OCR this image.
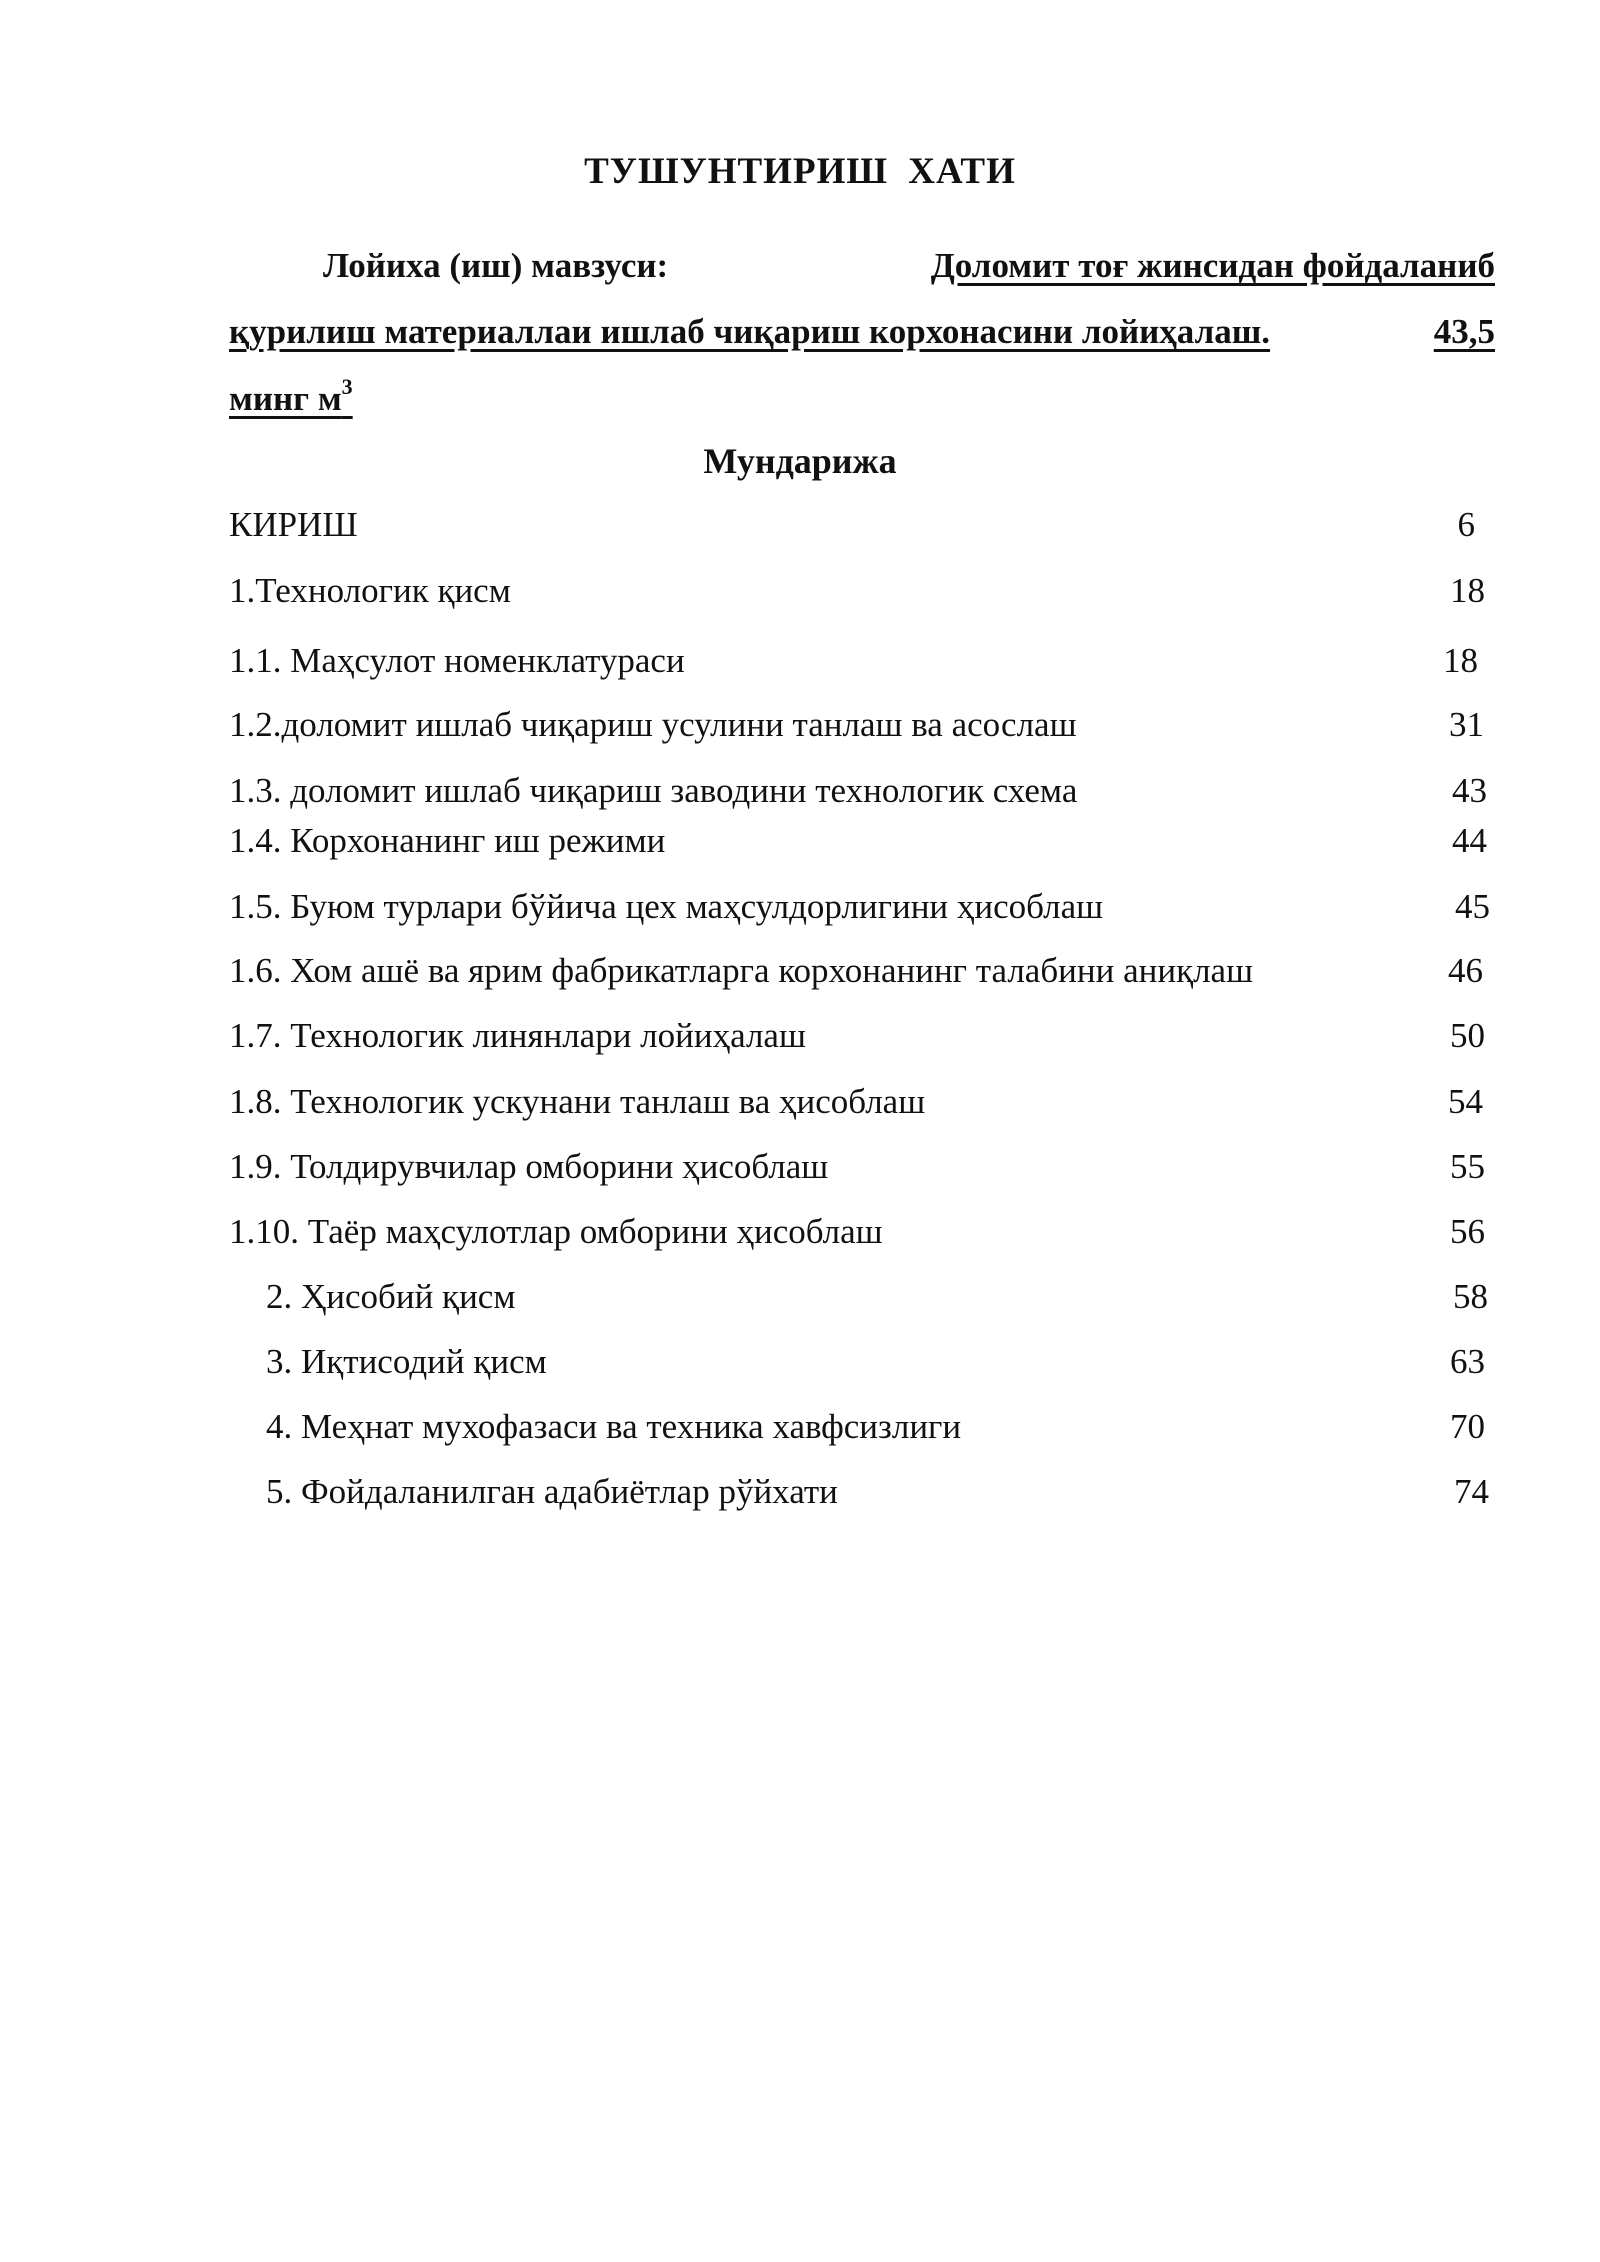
ТУШУНТИРИШ ХАТИ
Лойиха (иш) мавзуси:	Доломит тоғ жинсидан фойдаланиб
қурилиш материаллаи ишлаб чиқариш корхонасини лойиҳалаш.	43,5
минг $м^3$
Мундарижа
КИРИШ	6
1.Технологик қисм	18
1.1. Маҳсулот номенклатураси	18
1.2.доломит ишлаб чиқариш усулини танлаш ва асослаш	31
1.3. доломит ишлаб чиқариш заводини технологик схема	43
1.4. Корхонанинг иш режими	44
1.5. Буюм турлари бўйича цех маҳсулдорлигини ҳисоблаш	45
1.6. Хом ашё ва ярим фабрикатларга корхонанинг талабини аниқлаш	46
1.7. Технологик линянлари лойиҳалаш	50
1.8. Технологик ускунани танлаш ва ҳисоблаш	54
1.9. Толдирувчилар омборини ҳисоблаш	55
1.10. Таёр маҳсулотлар омборини ҳисоблаш	56
2. Ҳисобий қисм	58
3. Иқтисодий қисм	63
4. Меҳнат мухофазаси ва техника хавфсизлиги	70
5. Фойдаланилган адабиётлар рўйхати	74
